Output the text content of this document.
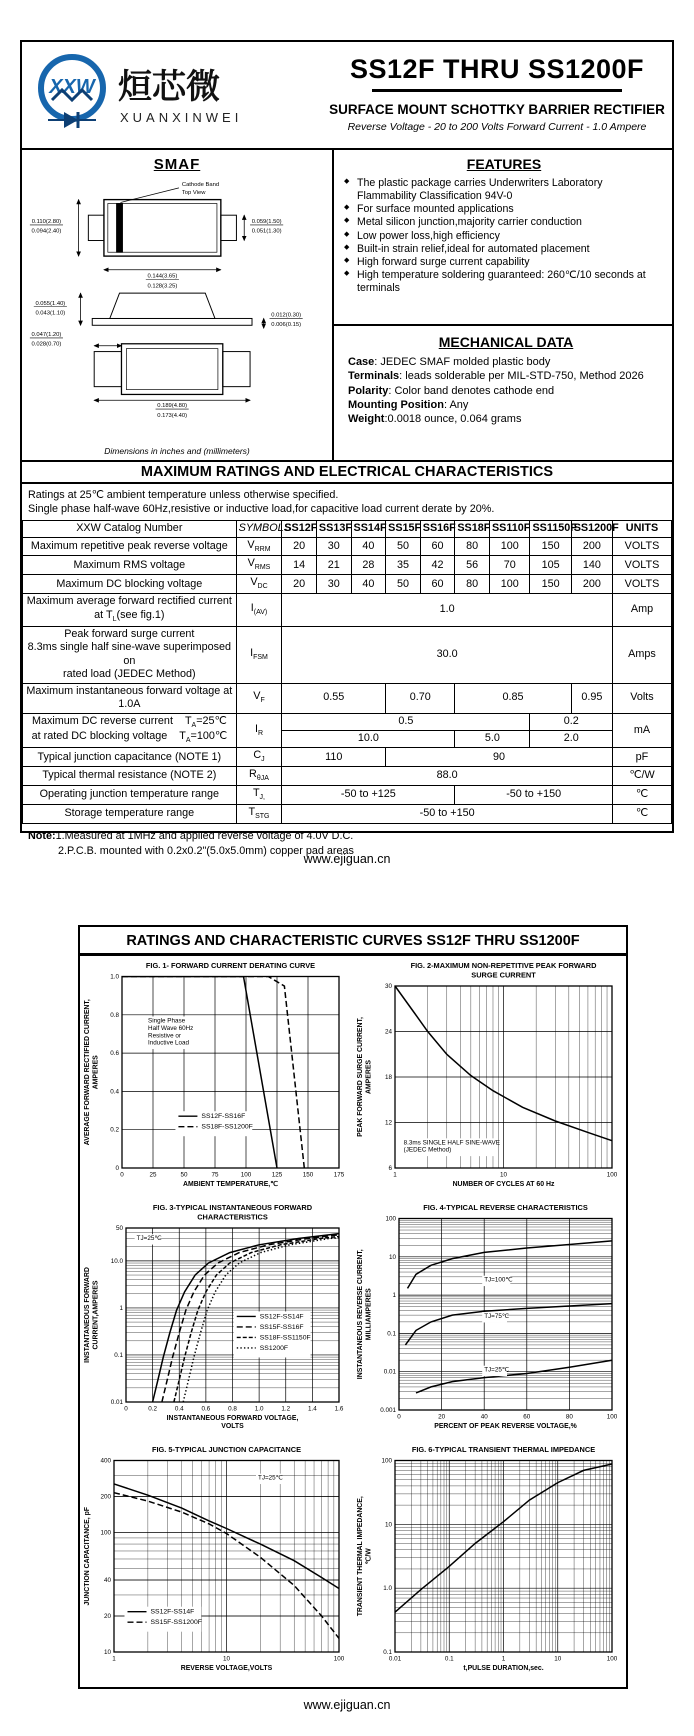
XXW 烜芯微
XUANXINWEI
SS12F THRU SS1200F
SURFACE MOUNT SCHOTTKY BARRIER RECTIFIER
Reverse Voltage - 20 to 200 Volts Forward Current - 1.0 Ampere
SMAF
Cathode Band
Top View
0.110(2.80)
0.094(2.40)
0.059(1.50)
0.051(1.30)
0.144(3.65)
0.128(3.25)
0.055(1.40)
0.043(1.10)	0.012(0.30)
0.006(0.15)
0.047(1.20)
0.028(0.70)
0.189(4.80)
0.173(4.40)
Dimensions in inches and (millimeters)
FEATURES
◆ The plastic package carries Underwriters Laboratory Flammability Classification 94V-0
◆ For surface mounted applications
◆ Metal silicon junction,majority carrier conduction
◆ Low power loss,high efficiency
◆ Built-in strain relief,ideal for automated placement
◆ High forward surge current capability
◆ High temperature soldering guaranteed: 260℃/10 seconds at terminals
MECHANICAL DATA
Case: JEDEC SMAF molded plastic body
Terminals: leads solderable per MIL-STD-750, Method 2026
Polarity: Color band denotes cathode end
Mounting Position: Any
Weight:0.0018 ounce, 0.064 grams
MAXIMUM RATINGS AND ELECTRICAL CHARACTERISTICS
Ratings at 25℃ ambient temperature unless otherwise specified.
Single phase half-wave 60Hz,resistive or inductive load,for capacitive load current derate by 20%.
XXW Catalog Number	SYMBOLS	SS12F	SS13F	SS14F	SS15F	SS16F	SS18F	SS110F	SS1150F	SS1200F	UNITS
Maximum repetitive peak reverse voltage	$V_{RRM}$	20	30	40	50	60	80	100	150	200	VOLTS
Maximum RMS voltage	$V_{RMS}$	14	21	28	35	42	56	70	105	140	VOLTS
Maximum DC blocking voltage	$V_{DC}$	20	30	40	50	60	80	100	150	200	VOLTS
Maximum average forward rectified current
at $T_L(see$ fig.1)	$I_{(AV)}$	1.0									Amp
Peak forward surge current
8.3ms single half sine-wave superimposed on
rated load (JEDEC Method)	$I_{FSM}$	30.0									Amps
Maximum instantaneous forward voltage at 1.0A	$V_F$	0.55			0.70		0.85			0.95	Volts
Maximum DC reverse current    $T_A=25℃$
at rated DC blocking voltage    $T_A=100℃$	$I_R$	0.5							0.2		mA
		10.0					5.0		2.0		
Typical junction capacitance (NOTE 1)	$C_J$	110			90						pF
Typical thermal resistance (NOTE 2)	$R_{\theta JA}$	88.0									℃/W
Operating junction temperature range	$T_{J,}$	-50 to +125					-50 to +150				℃
Storage temperature range	$T_{STG}$	-50 to +150									℃
Note:1.Measured at 1MHz and applied reverse voltage of 4.0V D.C.
2.P.C.B. mounted with 0.2x0.2"(5.0x5.0mm) copper pad areas
www.ejiguan.cn
RATINGS AND CHARACTERISTIC CURVES SS12F THRU SS1200F
Single Phase
Half Wave 60Hz
Resistive or
Inductive Load
SS12F-SS16F
SS18F-SS1200F
0
0.2
0.4
0.6
0.8
1.0
0	25	50	75	100	125	150	175
AMBIENT TEMPERATURE,℃
AVERAGE FORWARD RECTIFIED CURRENT, AMPERES
FIG. 1- FORWARD CURRENT DERATING CURVE
8.3ms SINGLE HALF SINE-WAVE
(JEDEC Method)
6
12
18
24
30
1	10	100
NUMBER OF CYCLES AT 60 Hz
PEAK FORWARD SURGE CURRENT, AMPERES
FIG. 2-MAXIMUM NON-REPETITIVE PEAK FORWARD
SURGE CURRENT
TJ=25℃
SS12F-SS14F
SS15F-SS16F
SS18F-SS1150F
SS1200F
0.01
0.1
1
10.0
50
0	0.2	0.4	0.6	0.8	1.0	1.2	1.4	1.6
INSTANTANEOUS FORWARD VOLTAGE,
VOLTS
INSTANTANEOUS FORWARD CURRENT,AMPERES
FIG. 3-TYPICAL INSTANTANEOUS FORWARD
CHARACTERISTICS
TJ=100℃
TJ=75℃
TJ=25℃
100
10
1
0.1
0.01
0.001
0	20	40	60	80	100
PERCENT OF PEAK REVERSE VOLTAGE,%
INSTANTANEOUS REVERSE CURRENT, MILLIAMPERES
FIG. 4-TYPICAL REVERSE CHARACTERISTICS
TJ=25℃
SS12F-SS14F
SS15F-SS1200F
400
200
100
40
20
10
1	10	100
REVERSE VOLTAGE,VOLTS
JUNCTION CAPACITANCE, pF
FIG. 5-TYPICAL JUNCTION CAPACITANCE
100
10
1.0
0.1
0.01	0.1	1	10	100
t,PULSE DURATION,sec.
TRANSIENT THERMAL IMPEDANCE, ℃/W
FIG. 6-TYPICAL TRANSIENT THERMAL IMPEDANCE
www.ejiguan.cn
